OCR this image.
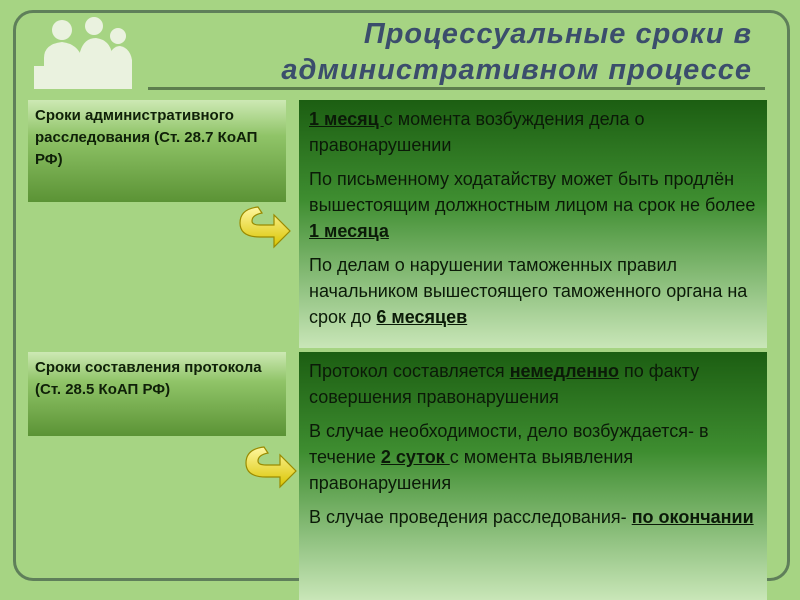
Процессуальные сроки в
административном процессе
Сроки административного расследования (Ст. 28.7 КоАП РФ)
1 месяц с момента возбуждения дела о правонарушении
По письменному ходатайству может быть продлён вышестоящим должностным лицом на срок не более 1 месяца
По делам о нарушении таможенных правил начальником вышестоящего таможенного органа на срок до 6 месяцев
Сроки составления протокола (Ст. 28.5 КоАП РФ)
Протокол составляется немедленно по факту совершения правонарушения
В случае необходимости, дело возбуждается- в течение 2 суток с момента выявления правонарушения
В случае проведения расследования- по окончании
